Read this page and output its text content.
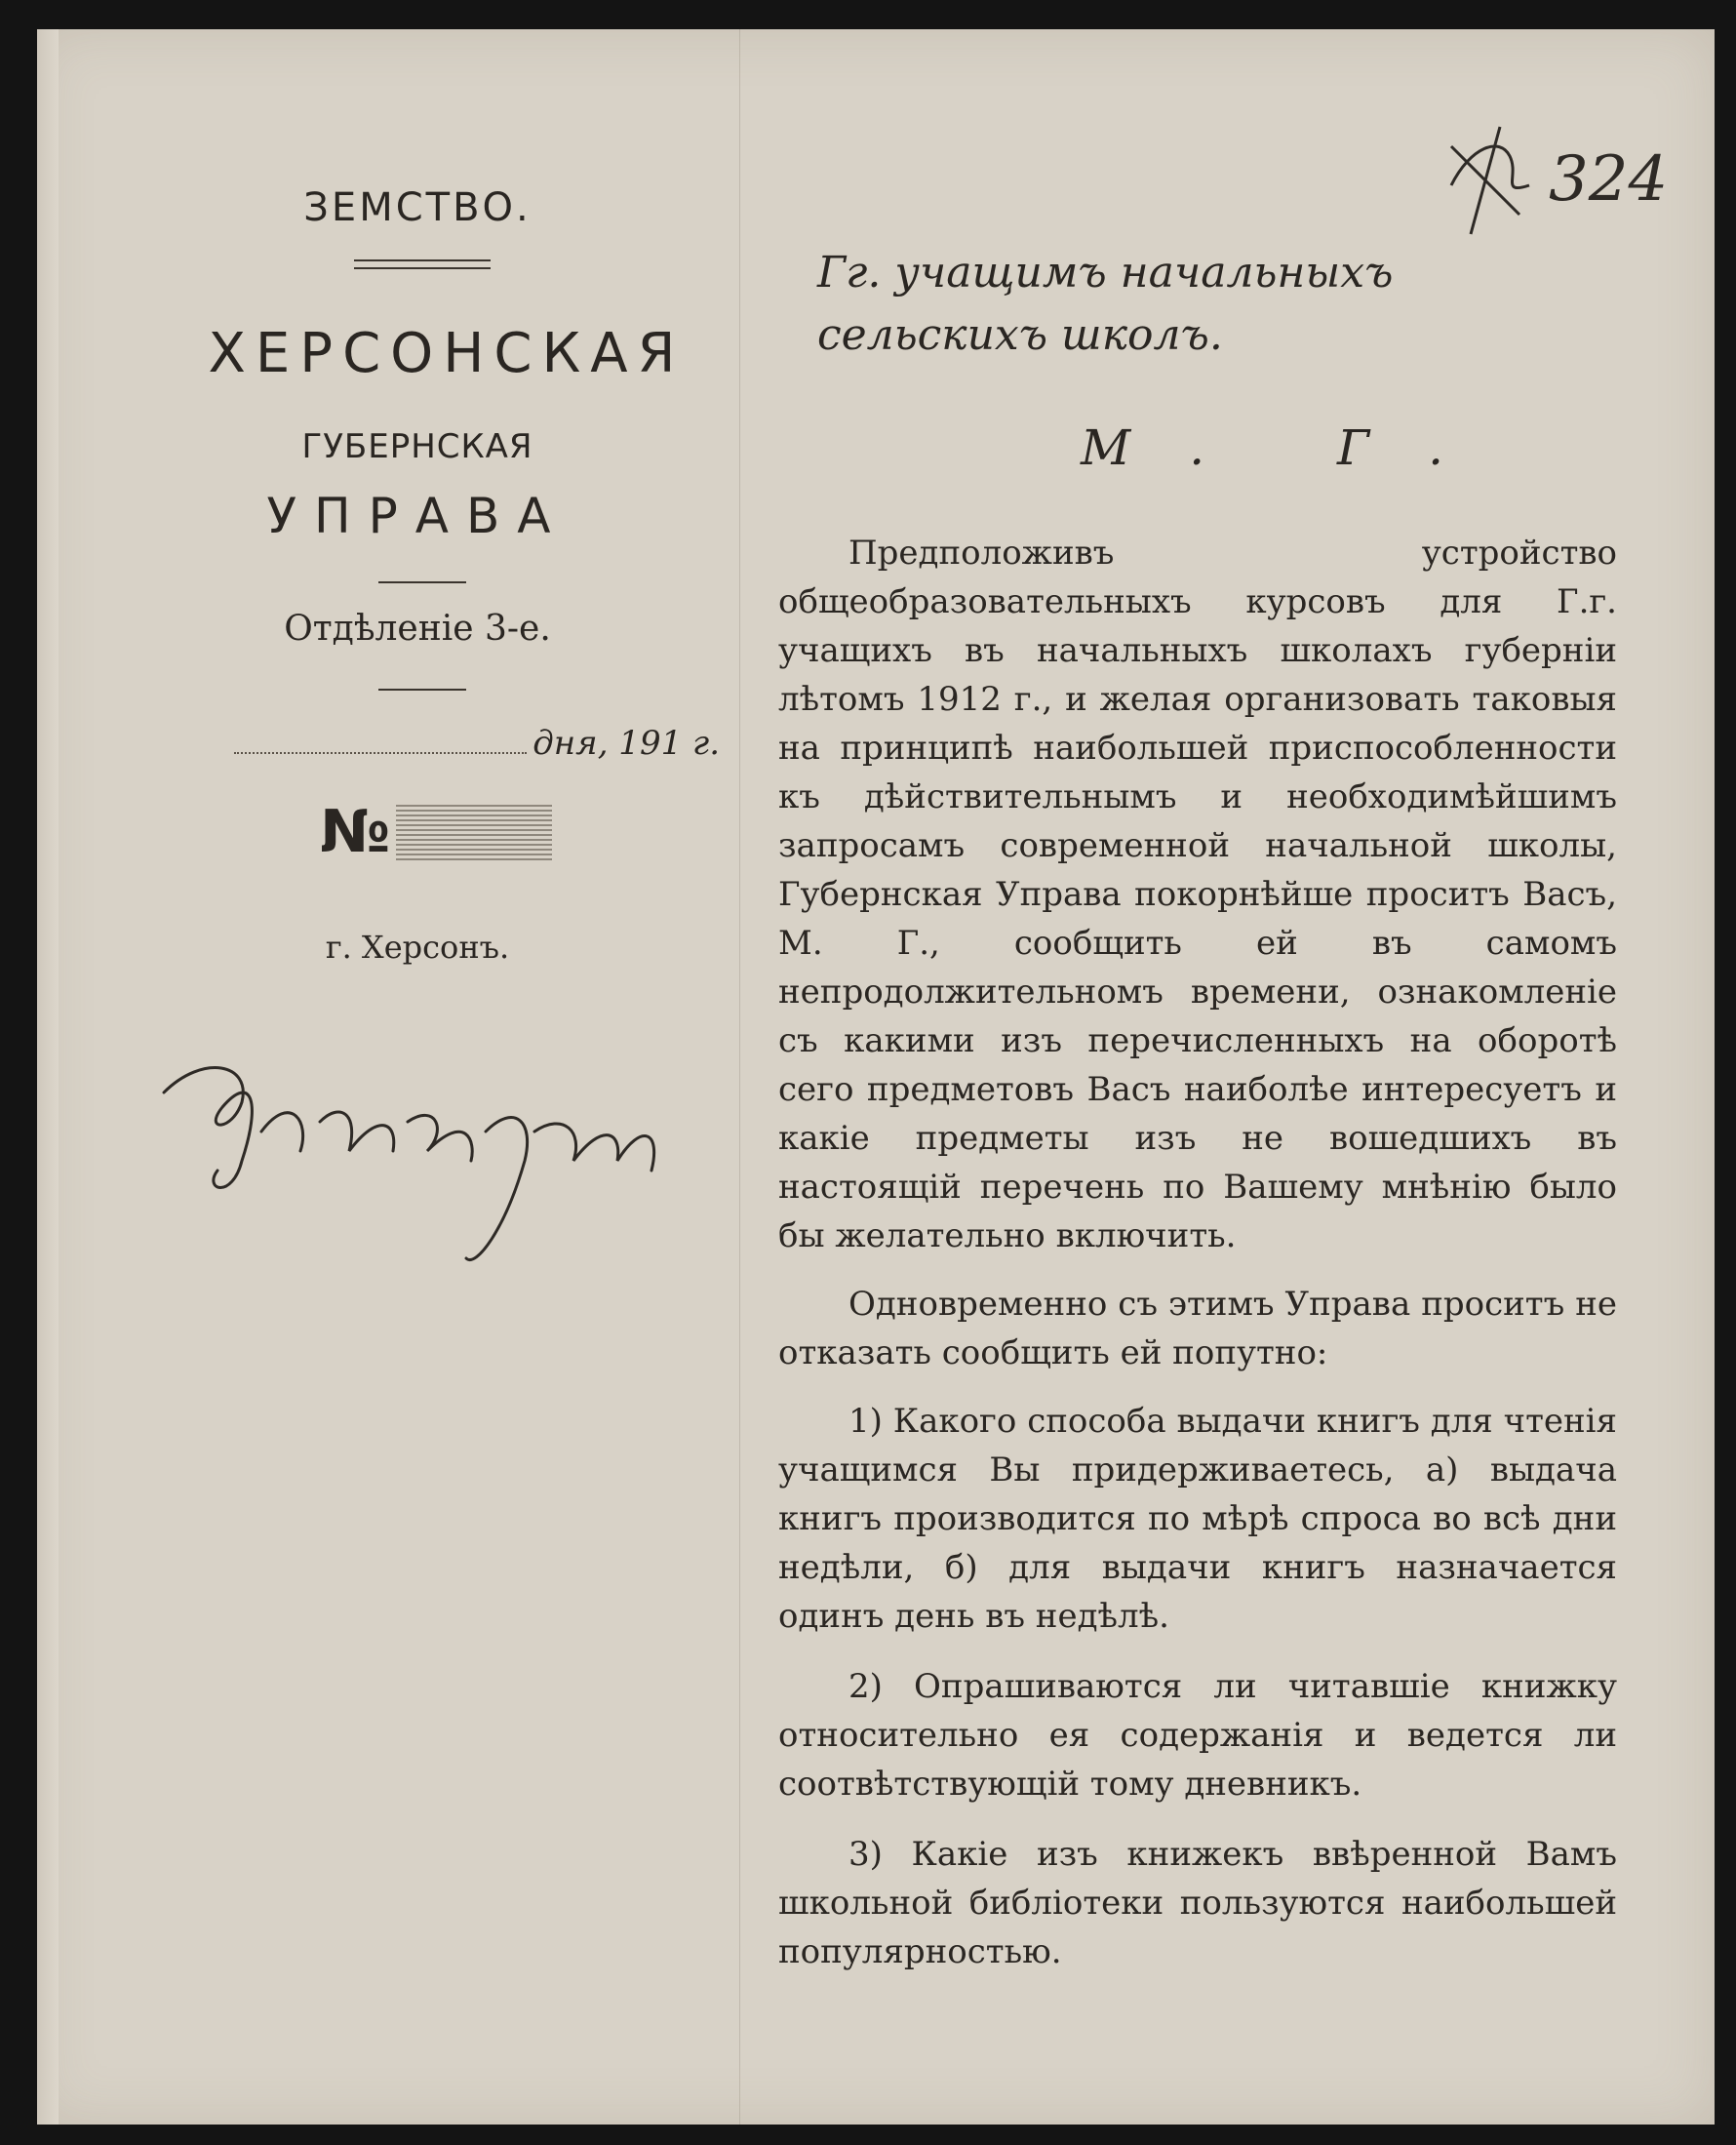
ЗЕМСТВО.
ХЕРСОНСКАЯ
ГУБЕРНСКАЯ
УПРАВА
Отдѣленіе 3-е.
дня, 191 г.
№
г. Херсонъ.
324
Гг. учащимъ начальныхъ сельскихъ школъ.
М. Г.

Предположивъ устройство общеобразовательныхъ курсовъ для Г.г. учащихъ въ начальныхъ школахъ губерніи лѣтомъ 1912 г., и желая организовать таковыя на принципѣ наибольшей приспособленности къ дѣйствительнымъ и необходимѣйшимъ запросамъ современной начальной школы, Губернская Управа покорнѣйше проситъ Васъ, М. Г., сообщить ей въ самомъ непродолжительномъ времени, ознакомленіе съ какими изъ перечисленныхъ на оборотѣ сего предметовъ Васъ наиболѣе интересуетъ и какіе предметы изъ не вошедшихъ въ настоящій перечень по Вашему мнѣнію было бы желательно включить.

Одновременно съ этимъ Управа проситъ не отказать сообщить ей попутно:

1) Какого способа выдачи книгъ для чтенія учащимся Вы придерживаетесь, а) выдача книгъ производится по мѣрѣ спроса во всѣ дни недѣли, б) для выдачи книгъ назначается одинъ день въ недѣлѣ.

2) Опрашиваются ли читавшіе книжку относительно ея содержанія и ведется ли соотвѣтствующій тому дневникъ.

3) Какіе изъ книжекъ ввѣренной Вамъ школьной библіотеки пользуются наибольшей популярностью.
